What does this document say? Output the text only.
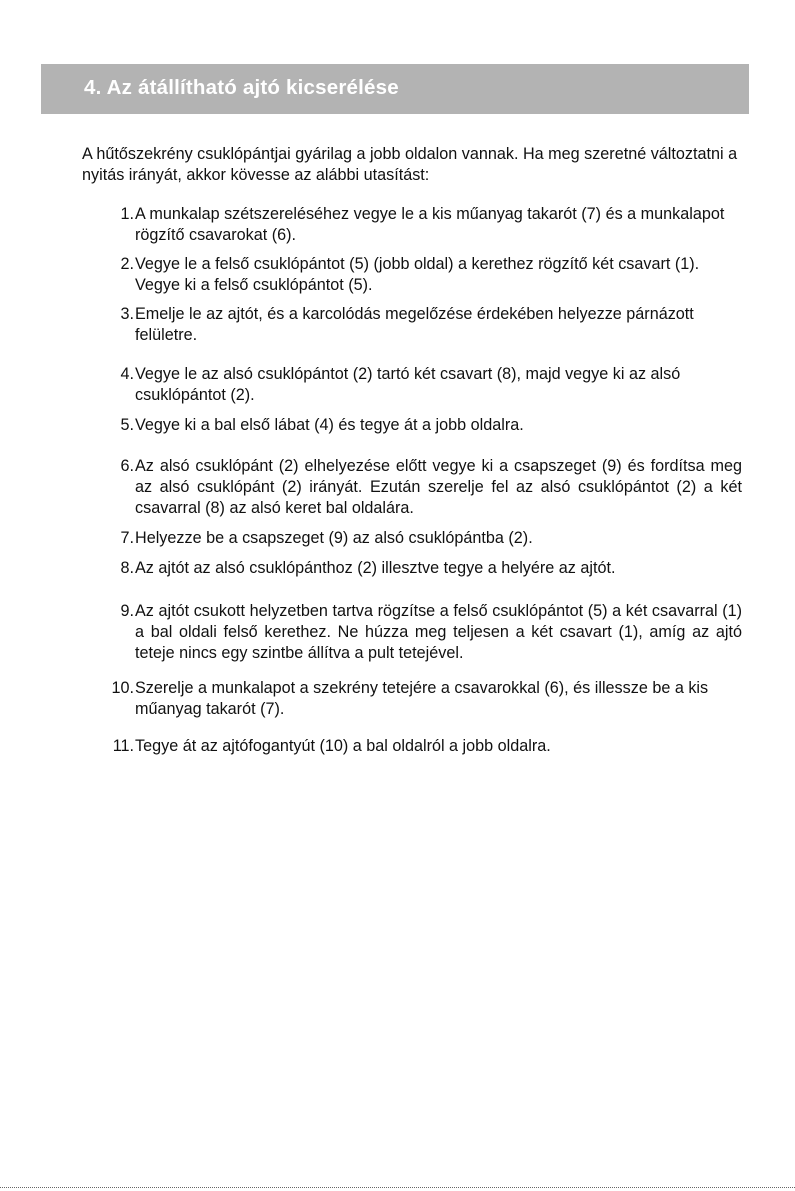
4. Az átállítható ajtó kicserélése

A hűtőszekrény csuklópántjai gyárilag a jobb oldalon vannak. Ha meg szeretné változtatni a nyitás irányát, akkor kövesse az alábbi utasítást:

1. A munkalap szétszereléséhez vegye le a kis műanyag takarót (7) és a munkalapot rögzítő csavarokat (6).
2. Vegye le a felső csuklópántot (5) (jobb oldal) a kerethez rögzítő két csavart (1). Vegye ki a felső csuklópántot (5).
3. Emelje le az ajtót, és a karcolódás megelőzése érdekében helyezze párnázott felületre.
4. Vegye le az alsó csuklópántot (2) tartó két csavart (8), majd vegye ki az alsó csuklópántot (2).
5. Vegye ki a bal első lábat (4) és tegye át a jobb oldalra.
6. Az alsó csuklópánt (2) elhelyezése előtt vegye ki a csapszeget (9) és fordítsa meg az alsó csuklópánt (2) irányát. Ezután szerelje fel az alsó csuklópántot (2) a két csavarral (8) az alsó keret bal oldalára.
7. Helyezze be a csapszeget (9) az alsó csuklópántba (2).
8. Az ajtót az alsó csuklópánthoz (2) illesztve tegye a helyére az ajtót.
9. Az ajtót csukott helyzetben tartva rögzítse a felső csuklópántot (5) a két csavarral (1) a bal oldali felső kerethez. Ne húzza meg teljesen a két csavart (1), amíg az ajtó teteje nincs egy szintbe állítva a pult tetejével.
10. Szerelje a munkalapot a szekrény tetejére a csavarokkal (6), és illessze be a kis műanyag takarót (7).
11. Tegye át az ajtófogantyút (10) a bal oldalról a jobb oldalra.
